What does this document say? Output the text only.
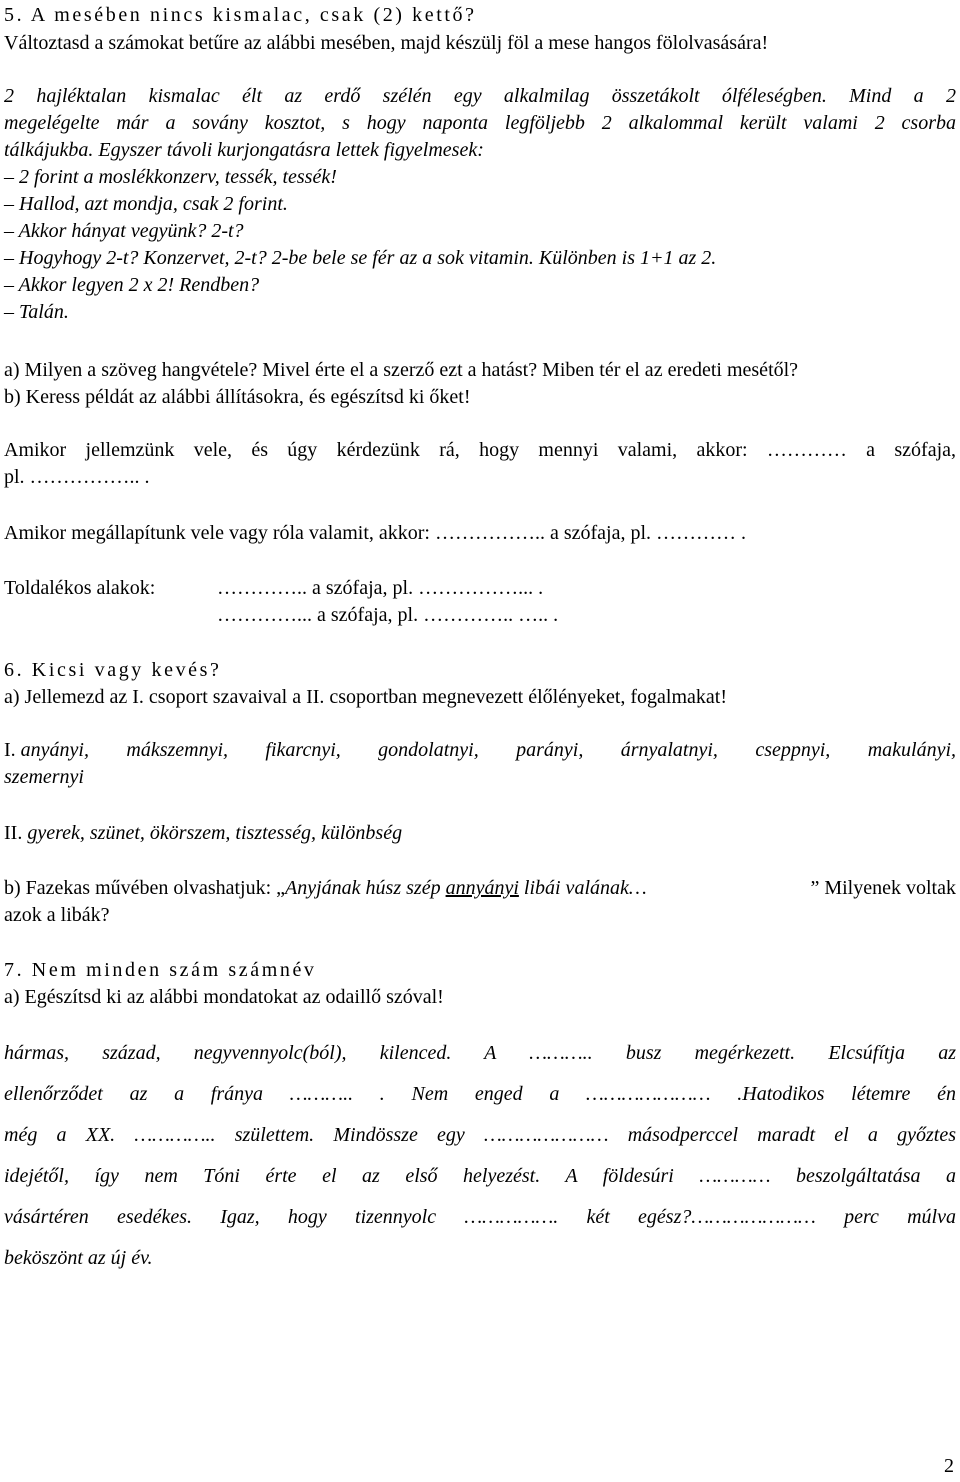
5. A mesében nincs kismalac, csak (2) kettő?
Változtasd a számokat betűre az alábbi mesében, majd készülj föl a mese hangos fölolvasására!
2 hajléktalan kismalac élt az erdő szélén egy alkalmilag összetákolt ólféleségben. Mind a 2
megelégelte már a sovány kosztot, s hogy naponta legföljebb 2 alkalommal került valami 2 csorba
tálkájukba. Egyszer távoli kurjongatásra lettek figyelmesek:
– 2 forint a moslékkonzerv, tessék, tessék!
– Hallod, azt mondja, csak 2 forint.
– Akkor hányat vegyünk? 2-t?
– Hogyhogy 2-t? Konzervet, 2-t? 2-be bele se fér az a sok vitamin. Különben is 1+1 az 2.
– Akkor legyen 2 x 2! Rendben?
– Talán.
a) Milyen a szöveg hangvétele? Mivel érte el a szerző ezt a hatást? Miben tér el az eredeti mesétől?
b) Keress példát az alábbi állításokra, és egészítsd ki őket!
Amikor jellemzünk vele, és úgy kérdezünk rá, hogy mennyi valami, akkor: ………… a szófaja,
pl. …………….. .
Amikor megállapítunk vele vagy róla valamit, akkor: …………….. a szófaja, pl. ………… .
Toldalékos alakok:	………….. a szófaja, pl. ……………... .
…………... a szófaja, pl. ………….. ….. .
6. Kicsi vagy kevés?
a) Jellemezd az I. csoport szavaival a II. csoportban megnevezett élőlényeket, fogalmakat!
I.
anyányi, mákszemnyi, fikarcnyi, gondolatnyi, parányi, árnyalatnyi, cseppnyi, makulányi,
szemernyi
II. gyerek, szünet, ökörszem, tisztesség, különbség
b) Fazekas művében olvashatjuk: „Anyjának húsz szép annyányi libái valának…	” Milyenek voltak
azok a libák?
7. Nem minden szám számnév
a) Egészítsd ki az alábbi mondatokat az odaillő szóval!
hármas, század, negyvennyolc(ból), kilenced. A ……….. busz megérkezett. Elcsúfítja az
ellenőrződet az a fránya ……….. . Nem enged a ………………… .Hatodikos létemre én
még a XX. ………….. születtem. Mindössze egy ………………… másodperccel maradt el a győztes
idejétől, így nem Tóni érte el az első helyezést. A földesúri ………… beszolgáltatása a
vásártéren esedékes. Igaz, hogy tizennyolc ……………. két egész?………………… perc múlva
beköszönt az új év.
2
